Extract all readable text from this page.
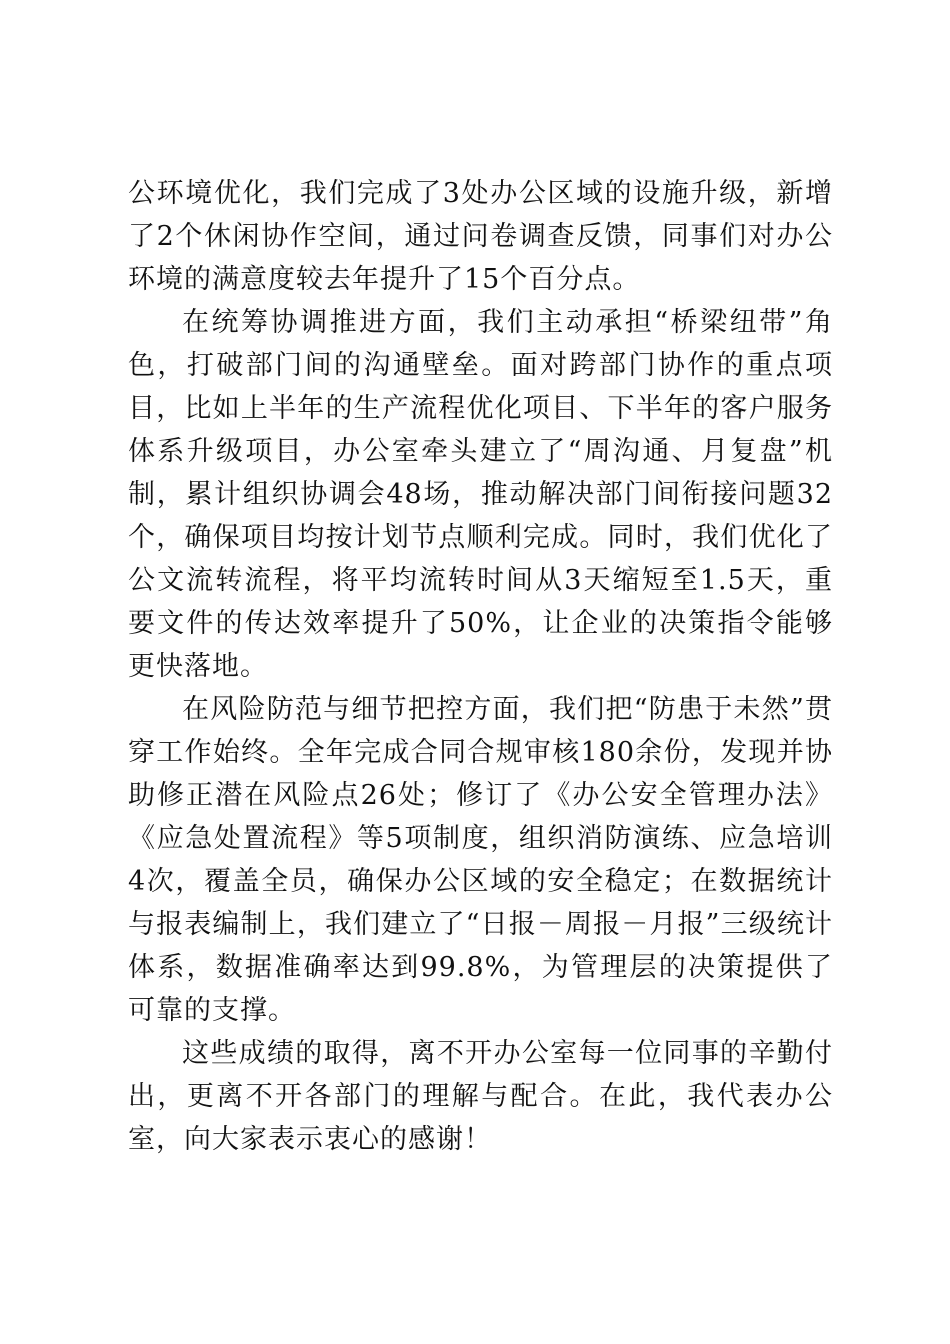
公环境优化，我们完成了3处办公区域的设施升级，新增了2个休闲协作空间，通过问卷调查反馈，同事们对办公环境的满意度较去年提升了15个百分点。

在统筹协调推进方面，我们主动承担“桥梁纽带”角色，打破部门间的沟通壁垒。面对跨部门协作的重点项目，比如上半年的生产流程优化项目、下半年的客户服务体系升级项目，办公室牵头建立了“周沟通、月复盘”机制，累计组织协调会48场，推动解决部门间衔接问题32个，确保项目均按计划节点顺利完成。同时，我们优化了公文流转流程，将平均流转时间从3天缩短至1.5天，重要文件的传达效率提升了50%，让企业的决策指令能够更快落地。

在风险防范与细节把控方面，我们把“防患于未然”贯穿工作始终。全年完成合同合规审核180余份，发现并协助修正潜在风险点26处；修订了《办公安全管理办法》《应急处置流程》等5项制度，组织消防演练、应急培训4次，覆盖全员，确保办公区域的安全稳定；在数据统计与报表编制上，我们建立了“日报－周报－月报”三级统计体系，数据准确率达到99.8%，为管理层的决策提供了可靠的支撑。

这些成绩的取得，离不开办公室每一位同事的辛勤付出，更离不开各部门的理解与配合。在此，我代表办公室，向大家表示衷心的感谢！
